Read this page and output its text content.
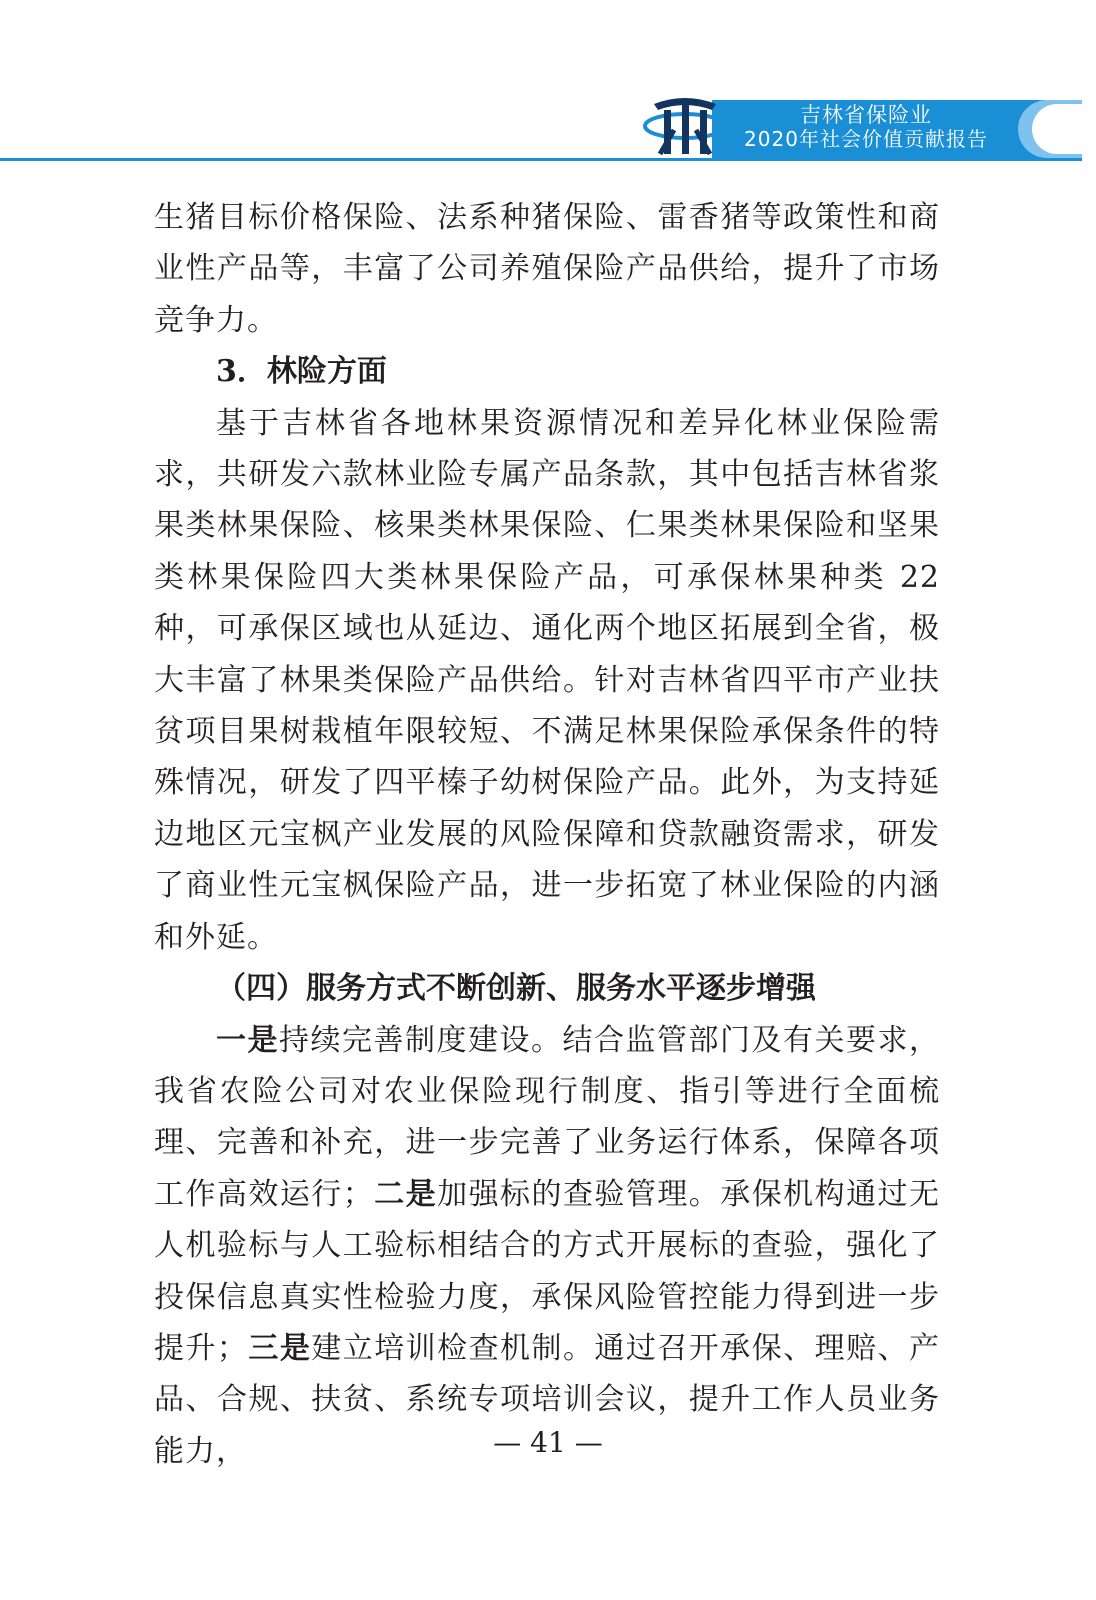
吉林省保险业
2020年社会价值贡献报告

生猪目标价格保险、法系种猪保险、雷香猪等政策性和商业性产品等，丰富了公司养殖保险产品供给，提升了市场竞争力。

3．林险方面

基于吉林省各地林果资源情况和差异化林业保险需求，共研发六款林业险专属产品条款，其中包括吉林省浆果类林果保险、核果类林果保险、仁果类林果保险和坚果类林果保险四大类林果保险产品，可承保林果种类 22 种，可承保区域也从延边、通化两个地区拓展到全省，极大丰富了林果类保险产品供给。针对吉林省四平市产业扶贫项目果树栽植年限较短、不满足林果保险承保条件的特殊情况，研发了四平榛子幼树保险产品。此外，为支持延边地区元宝枫产业发展的风险保障和贷款融资需求，研发了商业性元宝枫保险产品，进一步拓宽了林业保险的内涵和外延。

（四）服务方式不断创新、服务水平逐步增强

一是持续完善制度建设。结合监管部门及有关要求，我省农险公司对农业保险现行制度、指引等进行全面梳理、完善和补充，进一步完善了业务运行体系，保障各项工作高效运行；二是加强标的查验管理。承保机构通过无人机验标与人工验标相结合的方式开展标的查验，强化了投保信息真实性检验力度，承保风险管控能力得到进一步提升；三是建立培训检查机制。通过召开承保、理赔、产品、合规、扶贫、系统专项培训会议，提升工作人员业务能力，	— 41 —
